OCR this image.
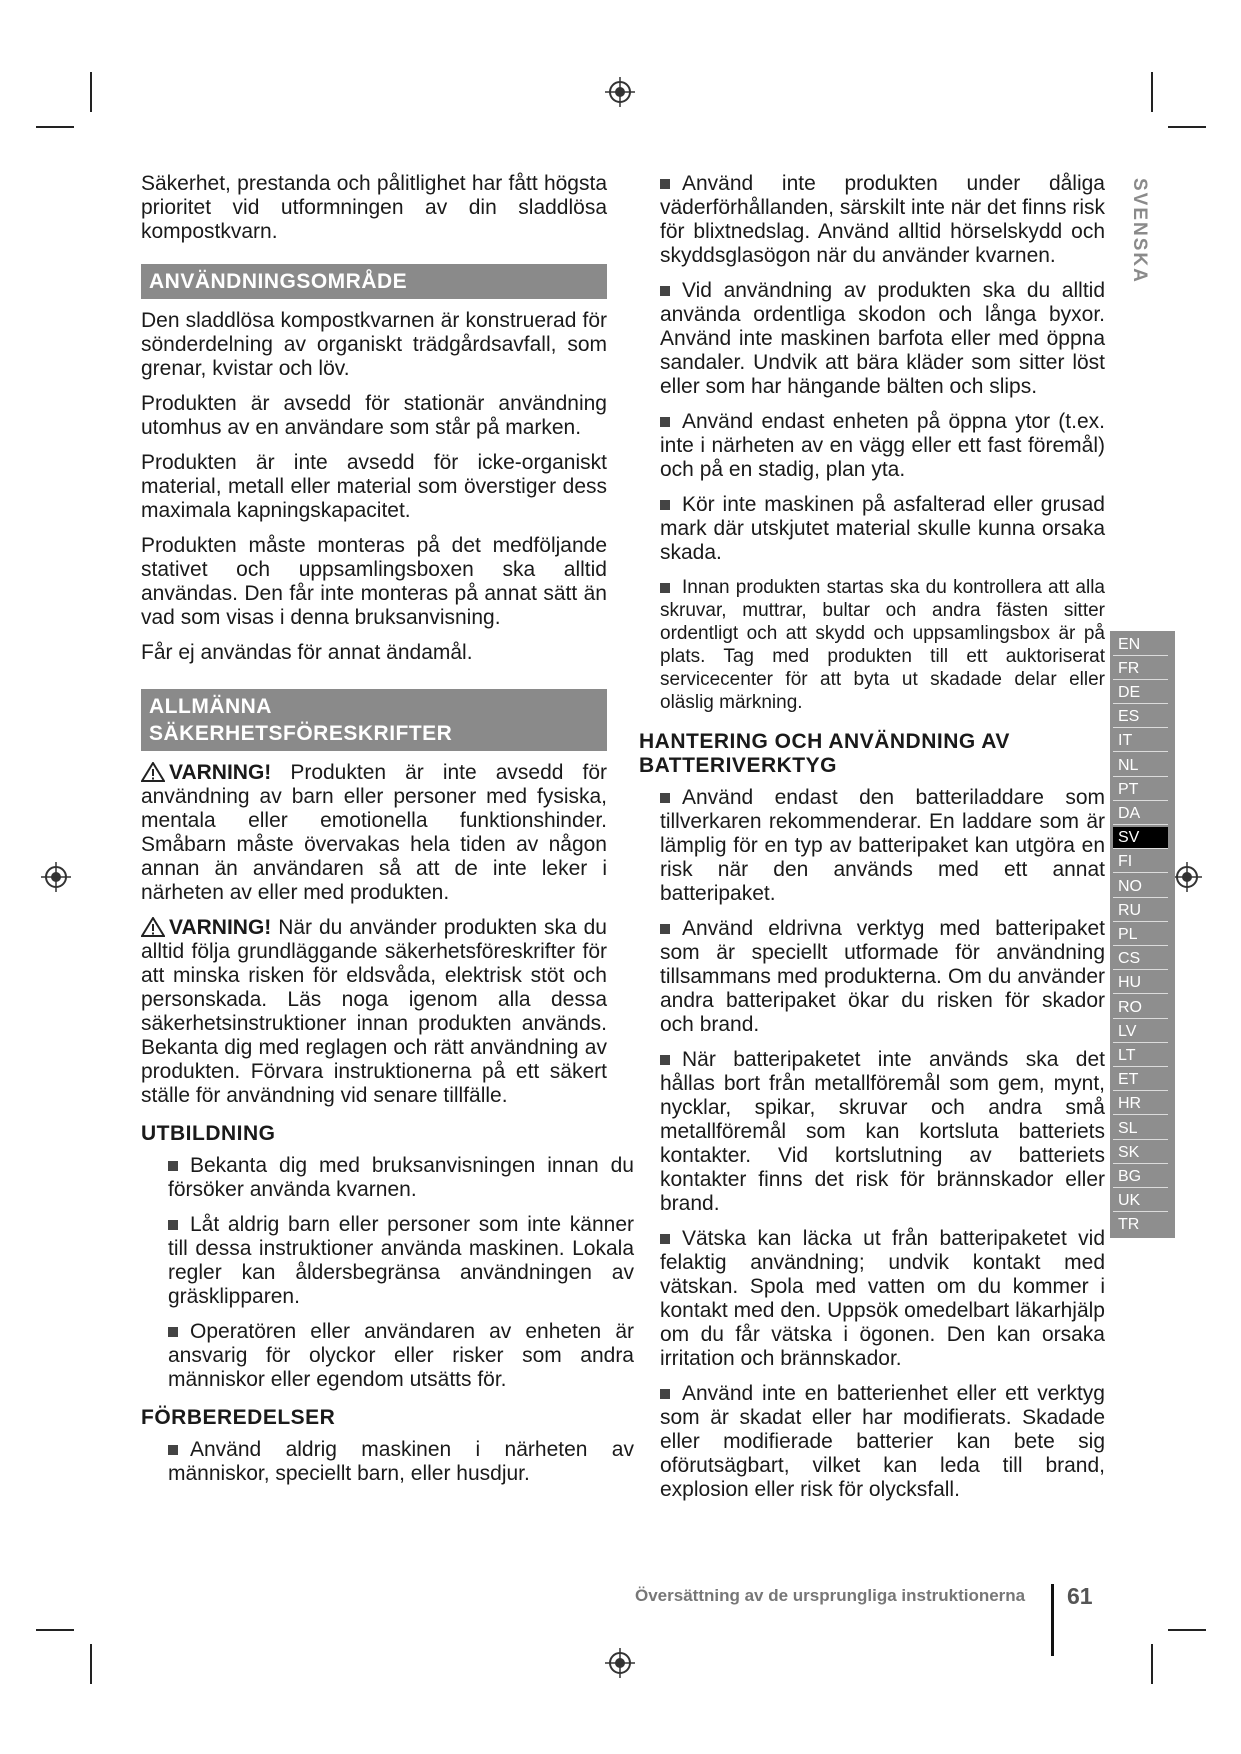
Säkerhet, prestanda och pålitlighet har fått högsta prioritet vid utformningen av din sladdlösa kompostkvarn.

ANVÄNDNINGSOMRÅDE

Den sladdlösa kompostkvarnen är konstruerad för sönderdelning av organiskt trädgårdsavfall, som grenar, kvistar och löv.

Produkten är avsedd för stationär användning utomhus av en användare som står på marken.

Produkten är inte avsedd för icke-organiskt material, metall eller material som överstiger dess maximala kapningskapacitet.

Produkten måste monteras på det medföljande stativet och uppsamlingsboxen ska alltid användas. Den får inte monteras på annat sätt än vad som visas i denna bruksanvisning.

Får ej användas för annat ändamål.

ALLMÄNNA
SÄKERHETSFÖRESKRIFTER

VARNING! Produkten är inte avsedd för användning av barn eller personer med fysiska, mentala eller emotionella funktionshinder. Småbarn måste övervakas hela tiden av någon annan än användaren så att de inte leker i närheten av eller med produkten.

VARNING! När du använder produkten ska du alltid följa grundläggande säkerhetsföreskrifter för att minska risken för eldsvåda, elektrisk stöt och personskada. Läs noga igenom alla dessa säkerhetsinstruktioner innan produkten används. Bekanta dig med reglagen och rätt användning av produkten. Förvara instruktionerna på ett säkert ställe för användning vid senare tillfälle.

UTBILDNING
Bekanta dig med bruksanvisningen innan du försöker använda kvarnen.
Låt aldrig barn eller personer som inte känner till dessa instruktioner använda maskinen. Lokala regler kan åldersbegränsa användningen av gräsklipparen.
Operatören eller användaren av enheten är ansvarig för olyckor eller risker som andra människor eller egendom utsätts för.
FÖRBEREDELSER
Använd aldrig maskinen i närheten av människor, speciellt barn, eller husdjur.
Använd inte produkten under dåliga väderförhållanden, särskilt inte när det finns risk för blixtnedslag. Använd alltid hörselskydd och skyddsglasögon när du använder kvarnen.
Vid användning av produkten ska du alltid använda ordentliga skodon och långa byxor. Använd inte maskinen barfota eller med öppna sandaler. Undvik att bära kläder som sitter löst eller som har hängande bälten och slips.
Använd endast enheten på öppna ytor (t.ex. inte i närheten av en vägg eller ett fast föremål) och på en stadig, plan yta.
Kör inte maskinen på asfalterad eller grusad mark där utskjutet material skulle kunna orsaka skada.
Innan produkten startas ska du kontrollera att alla skruvar, muttrar, bultar och andra fästen sitter ordentligt och att skydd och uppsamlingsbox är på plats. Tag med produkten till ett auktoriserat servicecenter för att byta ut skadade delar eller oläslig märkning.
HANTERING OCH ANVÄNDNING AV
BATTERIVERKTYG
Använd endast den batteriladdare som tillverkaren rekommenderar. En laddare som är lämplig för en typ av batteripaket kan utgöra en risk när den används med ett annat batteripaket.
Använd eldrivna verktyg med batteripaket som är speciellt utformade för användning tillsammans med produkterna. Om du använder andra batteripaket ökar du risken för skador och brand.
När batteripaketet inte används ska det hållas bort från metallföremål som gem, mynt, nycklar, spikar, skruvar och andra små metallföremål som kan kortsluta batteriets kontakter. Vid kortslutning av batteriets kontakter finns det risk för brännskador eller brand.
Vätska kan läcka ut från batteripaketet vid felaktig användning; undvik kontakt med vätskan. Spola med vatten om du kommer i kontakt med den. Uppsök omedelbart läkarhjälp om du får vätska i ögonen. Den kan orsaka irritation och brännskador.
Använd inte en batterienhet eller ett verktyg som är skadat eller har modifierats. Skadade eller modifierade batterier kan bete sig oförutsägbart, vilket kan leda till brand, explosion eller risk för olycksfall.
SVENSKA
EN
FR
DE
ES
IT
NL
PT
DA
SV
FI
NO
RU
PL
CS
HU
RO
LV
LT
ET
HR
SL
SK
BG
UK
TR
Översättning av de ursprungliga instruktionerna 61
